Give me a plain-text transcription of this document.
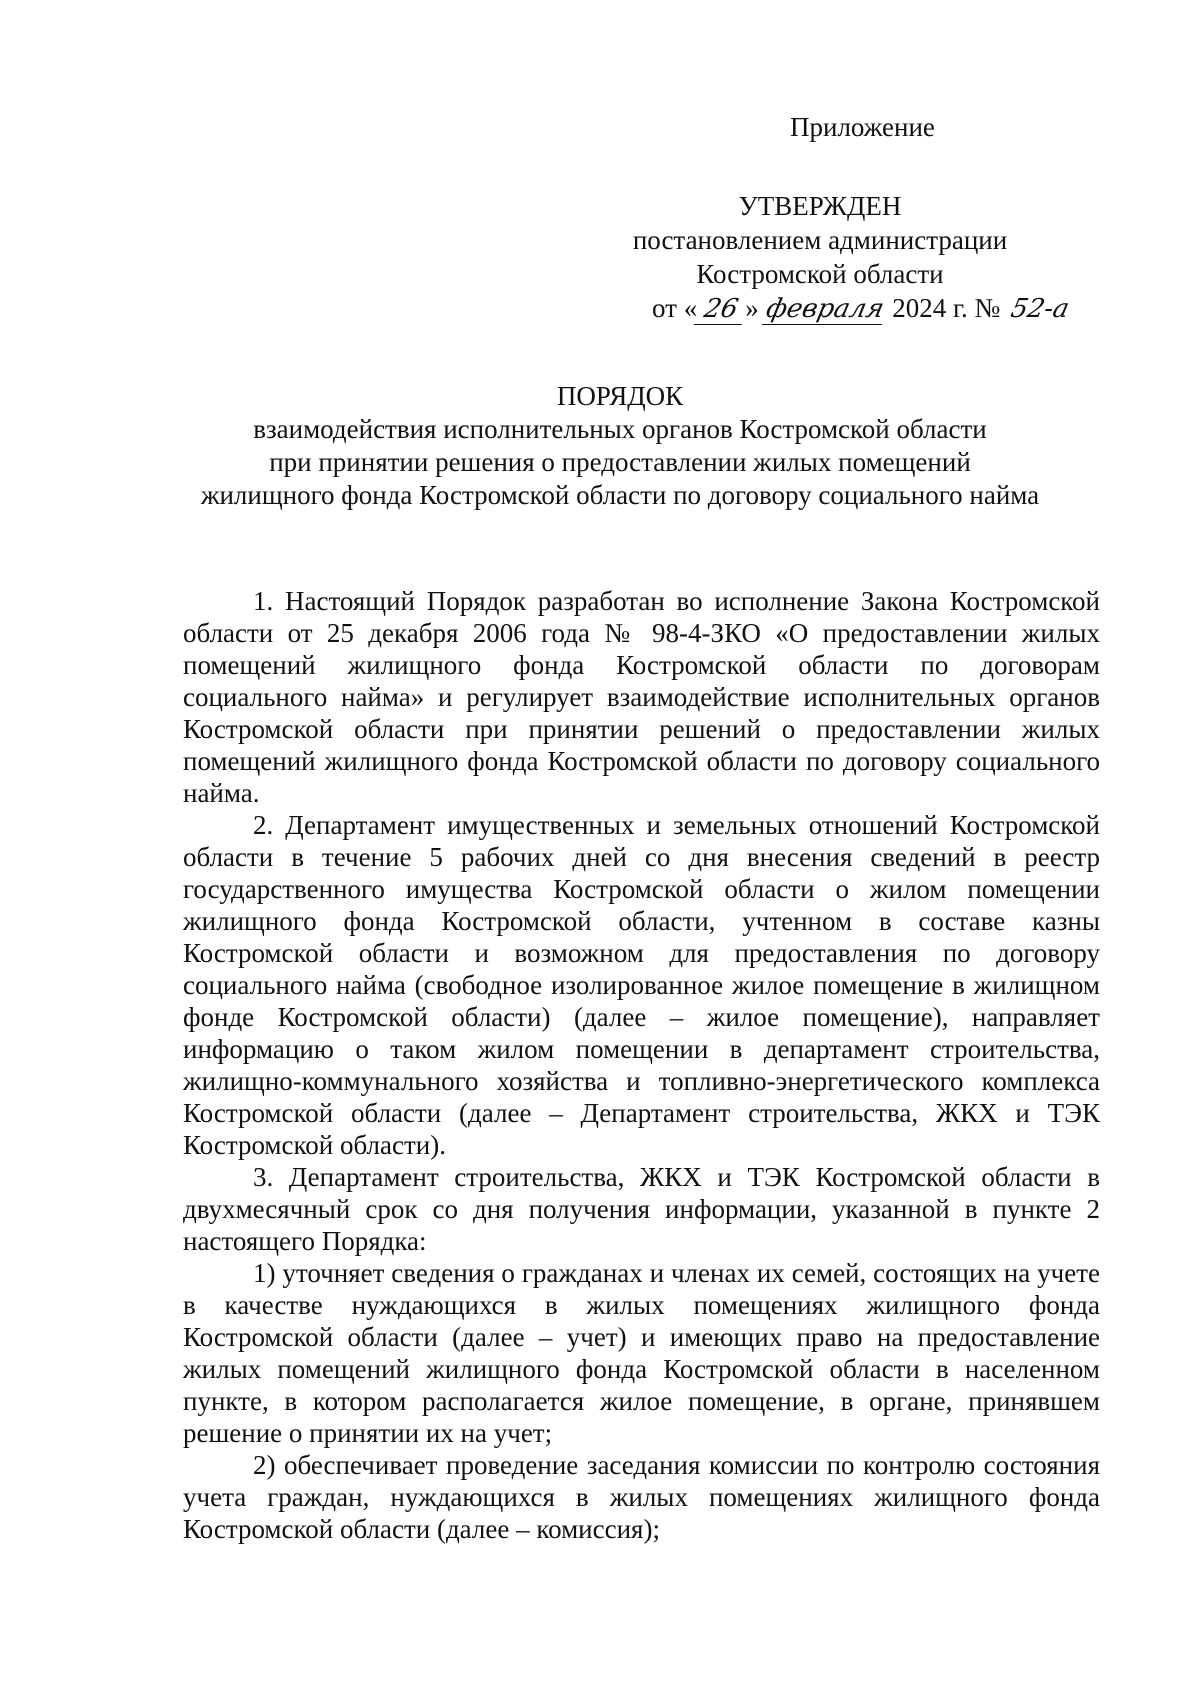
Приложение
УТВЕРЖДЕН
постановлением администрации
Костромской области
от « 26 » февраля 2024 г. № 52-а
ПОРЯДОК
взаимодействия исполнительных органов Костромской области
при принятии решения о предоставлении жилых помещений
жилищного фонда Костромской области по договору социального найма

1. Настоящий Порядок разработан во исполнение Закона Костромской области от 25 декабря 2006 года № 98-4-ЗКО «О предоставлении жилых помещений жилищного фонда Костромской области по договорам социального найма» и регулирует взаимодействие исполнительных органов Костромской области при принятии решений о предоставлении жилых помещений жилищного фонда Костромской области по договору социального найма.

2. Департамент имущественных и земельных отношений Костромской области в течение 5 рабочих дней со дня внесения сведений в реестр государственного имущества Костромской области о жилом помещении жилищного фонда Костромской области, учтенном в составе казны Костромской области и возможном для предоставления по договору социального найма (свободное изолированное жилое помещение в жилищном фонде Костромской области) (далее – жилое помещение), направляет информацию о таком жилом помещении в департамент строительства, жилищно-коммунального хозяйства и топливно-энергетического комплекса Костромской области (далее – Департамент строительства, ЖКХ и ТЭК Костромской области).

3. Департамент строительства, ЖКХ и ТЭК Костромской области в двухмесячный срок со дня получения информации, указанной в пункте 2 настоящего Порядка:

1) уточняет сведения о гражданах и членах их семей, состоящих на учете в качестве нуждающихся в жилых помещениях жилищного фонда Костромской области (далее – учет) и имеющих право на предоставление жилых помещений жилищного фонда Костромской области в населенном пункте, в котором располагается жилое помещение, в органе, принявшем решение о принятии их на учет;

2) обеспечивает проведение заседания комиссии по контролю состояния учета граждан, нуждающихся в жилых помещениях жилищного фонда Костромской области (далее – комиссия);
